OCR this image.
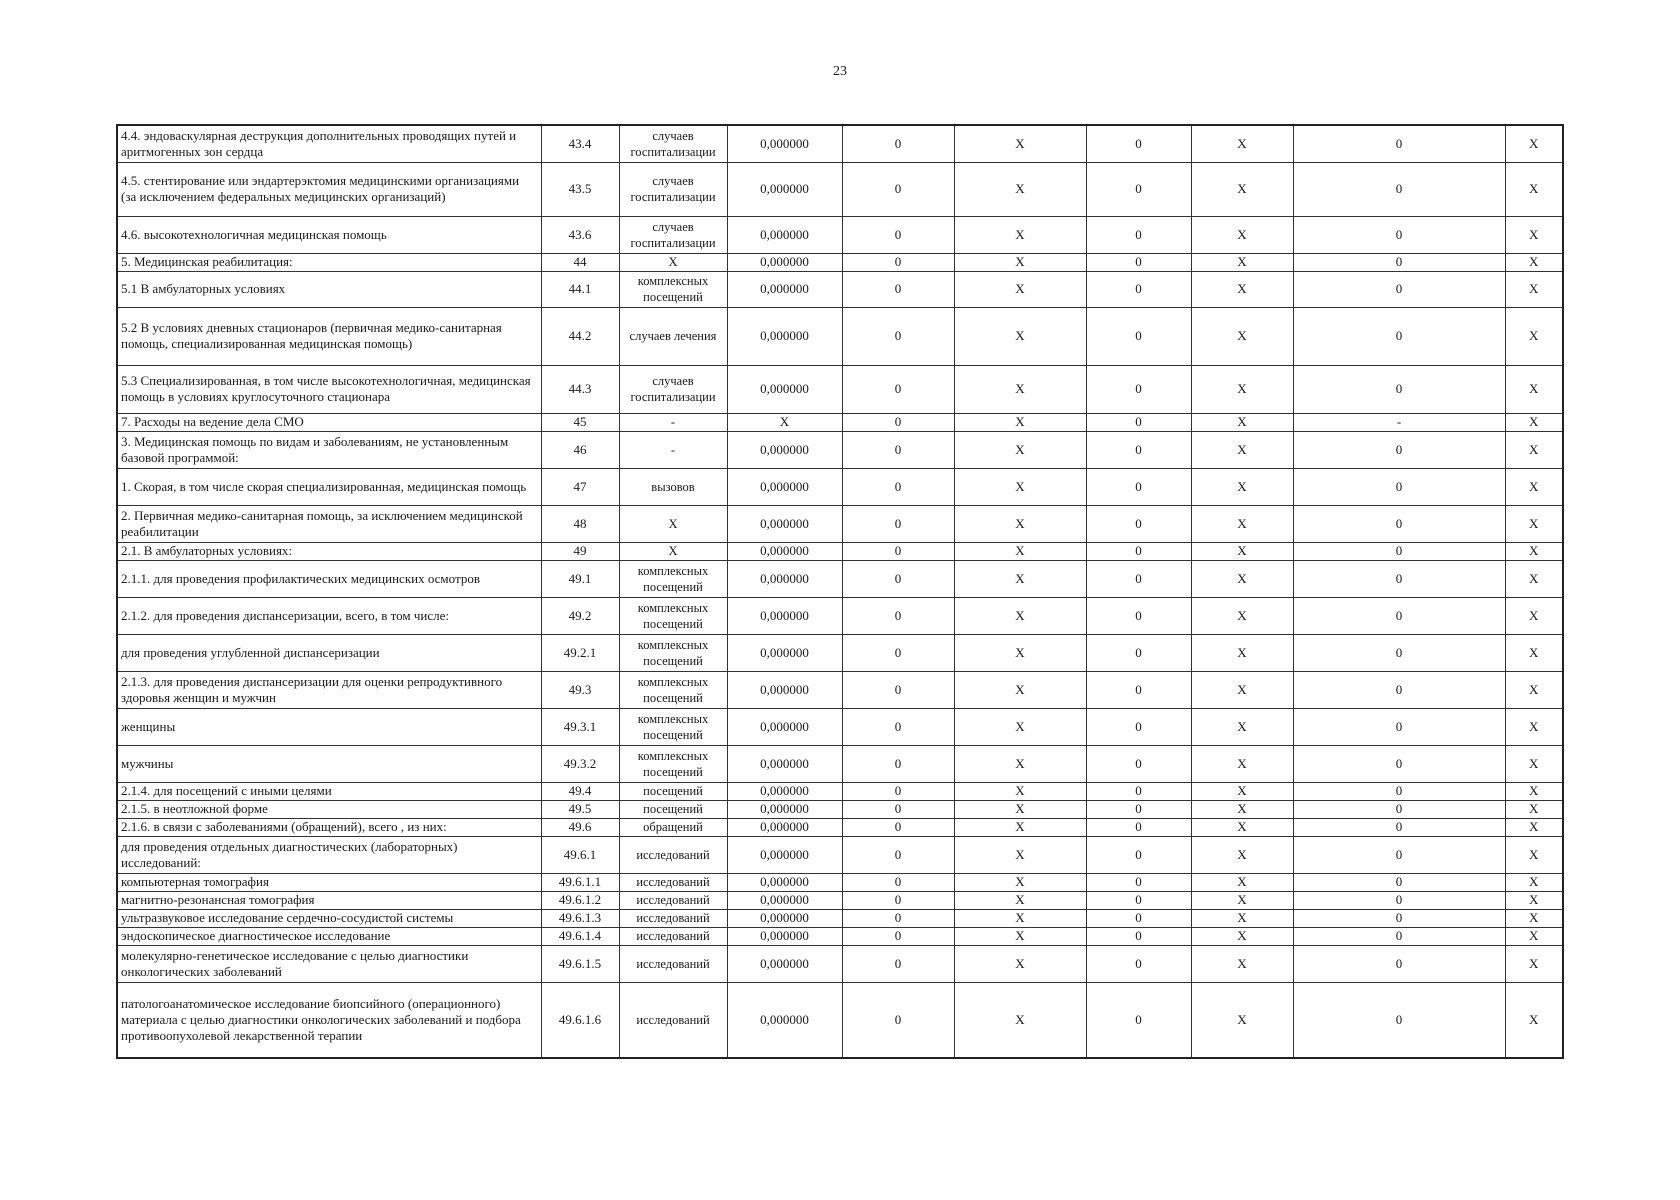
23
4.4. эндоваскулярная деструкция дополнительных проводящих путей и аритмогенных зон сердца	43.4	случаев госпитализации	0,000000	0	X	0	X	0	X
4.5. стентирование или эндартерэктомия медицинскими организациями (за исключением федеральных медицинских организаций)	43.5	случаев госпитализации	0,000000	0	X	0	X	0	X
4.6. высокотехнологичная медицинская помощь	43.6	случаев госпитализации	0,000000	0	X	0	X	0	X
5. Медицинская реабилитация:	44	X	0,000000	0	X	0	X	0	X
5.1 В амбулаторных условиях	44.1	комплексных посещений	0,000000	0	X	0	X	0	X
5.2 В условиях дневных стационаров (первичная медико-санитарная помощь, специализированная медицинская помощь)	44.2	случаев лечения	0,000000	0	X	0	X	0	X
5.3 Специализированная, в том числе высокотехнологичная, медицинская помощь в условиях круглосуточного стационара	44.3	случаев госпитализации	0,000000	0	X	0	X	0	X
7. Расходы на ведение дела СМО	45	-	X	0	X	0	X	-	X
3. Медицинская помощь по видам и заболеваниям, не установленным базовой программой:	46	-	0,000000	0	X	0	X	0	X
1. Скорая, в том числе скорая специализированная, медицинская помощь	47	вызовов	0,000000	0	X	0	X	0	X
2. Первичная медико-санитарная помощь, за исключением медицинской реабилитации	48	X	0,000000	0	X	0	X	0	X
2.1. В амбулаторных условиях:	49	X	0,000000	0	X	0	X	0	X
2.1.1. для проведения профилактических медицинских осмотров	49.1	комплексных посещений	0,000000	0	X	0	X	0	X
2.1.2. для проведения диспансеризации, всего, в том числе:	49.2	комплексных посещений	0,000000	0	X	0	X	0	X
для проведения углубленной диспансеризации	49.2.1	комплексных посещений	0,000000	0	X	0	X	0	X
2.1.3. для проведения диспансеризации для оценки репродуктивного здоровья женщин и мужчин	49.3	комплексных посещений	0,000000	0	X	0	X	0	X
женщины	49.3.1	комплексных посещений	0,000000	0	X	0	X	0	X
мужчины	49.3.2	комплексных посещений	0,000000	0	X	0	X	0	X
2.1.4. для посещений с иными целями	49.4	посещений	0,000000	0	X	0	X	0	X
2.1.5. в неотложной форме	49.5	посещений	0,000000	0	X	0	X	0	X
2.1.6. в связи с заболеваниями (обращений), всего , из них:	49.6	обращений	0,000000	0	X	0	X	0	X
для проведения отдельных диагностических (лабораторных) исследований:	49.6.1	исследований	0,000000	0	X	0	X	0	X
компьютерная томография	49.6.1.1	исследований	0,000000	0	X	0	X	0	X
магнитно-резонансная томография	49.6.1.2	исследований	0,000000	0	X	0	X	0	X
ультразвуковое исследование сердечно-сосудистой системы	49.6.1.3	исследований	0,000000	0	X	0	X	0	X
эндоскопическое диагностическое исследование	49.6.1.4	исследований	0,000000	0	X	0	X	0	X
молекулярно-генетическое исследование с целью диагностики онкологических заболеваний	49.6.1.5	исследований	0,000000	0	X	0	X	0	X
патологоанатомическое исследование биопсийного (операционного) материала с целью диагностики онкологических заболеваний и подбора противоопухолевой лекарственной терапии	49.6.1.6	исследований	0,000000	0	X	0	X	0	X
